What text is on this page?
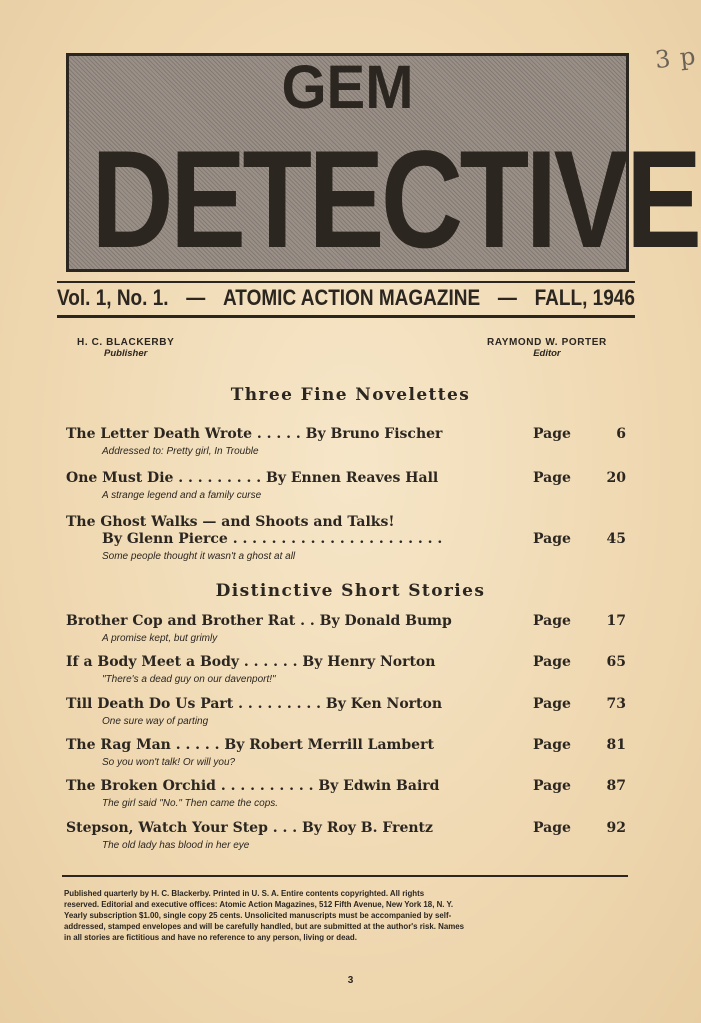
3 p
GEM
DETECTIVE
Vol. 1, No. 1. — ATOMIC ACTION MAGAZINE — FALL, 1946
H. C. BLACKERBY
Publisher
RAYMOND W. PORTER
Editor
Three Fine Novelettes
The Letter Death Wrote . . . . . By Bruno Fischer	Page	6
Addressed to: Pretty girl, In Trouble
One Must Die . . . . . . . . . By Ennen Reaves Hall	Page	20
A strange legend and a family curse
The Ghost Walks — and Shoots and Talks!
By Glenn Pierce . . . . . . . . . . . . . . . . . . . . . .	Page	45
Some people thought it wasn't a ghost at all
Distinctive Short Stories
Brother Cop and Brother Rat . . By Donald Bump	Page	17
A promise kept, but grimly
If a Body Meet a Body . . . . . . By Henry Norton	Page	65
"There's a dead guy on our davenport!"
Till Death Do Us Part . . . . . . . . . By Ken Norton	Page	73
One sure way of parting
The Rag Man . . . . . By Robert Merrill Lambert	Page	81
So you won't talk! Or will you?
The Broken Orchid . . . . . . . . . . By Edwin Baird	Page	87
The girl said "No." Then came the cops.
Stepson, Watch Your Step . . . By Roy B. Frentz	Page	92
The old lady has blood in her eye

Published quarterly by H. C. Blackerby. Printed in U. S. A. Entire contents copyrighted. All rights

reserved. Editorial and executive offices: Atomic Action Magazines, 512 Fifth Avenue, New York 18, N. Y.

Yearly subscription $1.00, single copy 25 cents. Unsolicited manuscripts must be accompanied by self-

addressed, stamped envelopes and will be carefully handled, but are submitted at the author's risk. Names

in all stories are fictitious and have no reference to any person, living or dead.

3
